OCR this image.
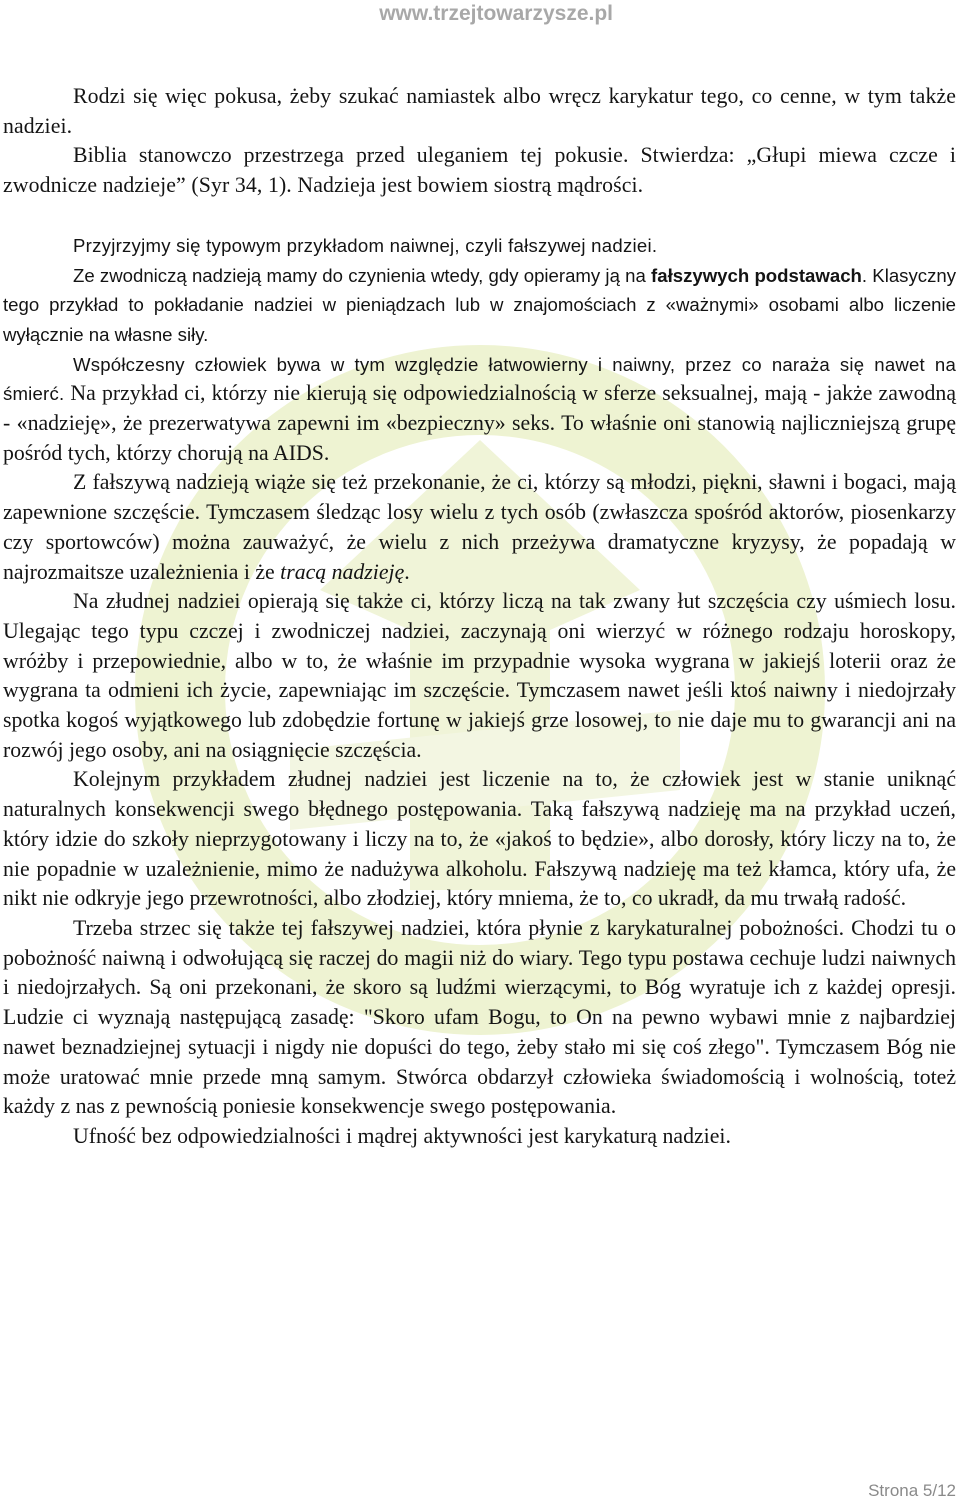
www.trzejtowarzysze.pl

Rodzi się więc pokusa, żeby szukać namiastek albo wręcz karykatur tego, co cenne, w tym także nadziei.

Biblia stanowczo przestrzega przed uleganiem tej pokusie. Stwierdza: „Głupi miewa czcze i zwodnicze nadzieje” (Syr 34, 1). Nadzieja jest bowiem siostrą mądrości.

Przyjrzyjmy się typowym przykładom naiwnej, czyli fałszywej nadziei.

Ze zwodniczą nadzieją mamy do czynienia wtedy, gdy opieramy ją na fałszywych podstawach. Klasyczny tego przykład to pokładanie nadziei w pieniądzach lub w znajomościach z «ważnymi» osobami albo liczenie wyłącznie na własne siły.

Współczesny człowiek bywa w tym względzie łatwowierny i naiwny, przez co naraża się nawet na śmierć. Na przykład ci, którzy nie kierują się odpowiedzialnością w sferze seksualnej, mają - jakże zawodną - «nadzieję», że prezerwatywa zapewni im «bezpieczny» seks. To właśnie oni stanowią najliczniejszą grupę pośród tych, którzy chorują na AIDS.

Z fałszywą nadzieją wiąże się też przekonanie, że ci, którzy są młodzi, piękni, sławni i bogaci, mają zapewnione szczęście. Tymczasem śledząc losy wielu z tych osób (zwłaszcza spośród aktorów, piosenkarzy czy sportowców) można zauważyć, że wielu z nich przeżywa dramatyczne kryzysy, że popadają w najrozmaitsze uzależnienia i że tracą nadzieję.

Na złudnej nadziei opierają się także ci, którzy liczą na tak zwany łut szczęścia czy uśmiech losu. Ulegając tego typu czczej i zwodniczej nadziei, zaczynają oni wierzyć w różnego rodzaju horoskopy, wróżby i przepowiednie, albo w to, że właśnie im przypadnie wysoka wygrana w jakiejś loterii oraz że wygrana ta odmieni ich życie, zapewniając im szczęście. Tymczasem nawet jeśli ktoś naiwny i niedojrzały spotka kogoś wyjątkowego lub zdobędzie fortunę w jakiejś grze losowej, to nie daje mu to gwarancji ani na rozwój jego osoby, ani na osiągnięcie szczęścia.

Kolejnym przykładem złudnej nadziei jest liczenie na to, że człowiek jest w stanie uniknąć naturalnych konsekwencji swego błędnego postępowania. Taką fałszywą nadzieję ma na przykład uczeń, który idzie do szkoły nieprzygotowany i liczy na to, że «jakoś to będzie», albo dorosły, który liczy na to, że nie popadnie w uzależnienie, mimo że nadużywa alkoholu. Fałszywą nadzieję ma też kłamca, który ufa, że nikt nie odkryje jego przewrotności, albo złodziej, który mniema, że to, co ukradł, da mu trwałą radość.

Trzeba strzec się także tej fałszywej nadziei, która płynie z karykaturalnej pobożności. Chodzi tu o pobożność naiwną i odwołującą się raczej do magii niż do wiary. Tego typu postawa cechuje ludzi naiwnych i niedojrzałych. Są oni przekonani, że skoro są ludźmi wierzącymi, to Bóg wyratuje ich z każdej opresji. Ludzie ci wyznają następującą zasadę: "Skoro ufam Bogu, to On na pewno wybawi mnie z najbardziej nawet beznadziejnej sytuacji i nigdy nie dopuści do tego, żeby stało mi się coś złego". Tymczasem Bóg nie może uratować mnie przede mną samym. Stwórca obdarzył człowieka świadomością i wolnością, toteż każdy z nas z pewnością poniesie konsekwencje swego postępowania.

Ufność bez odpowiedzialności i mądrej aktywności jest karykaturą nadziei.

Strona 5/12
